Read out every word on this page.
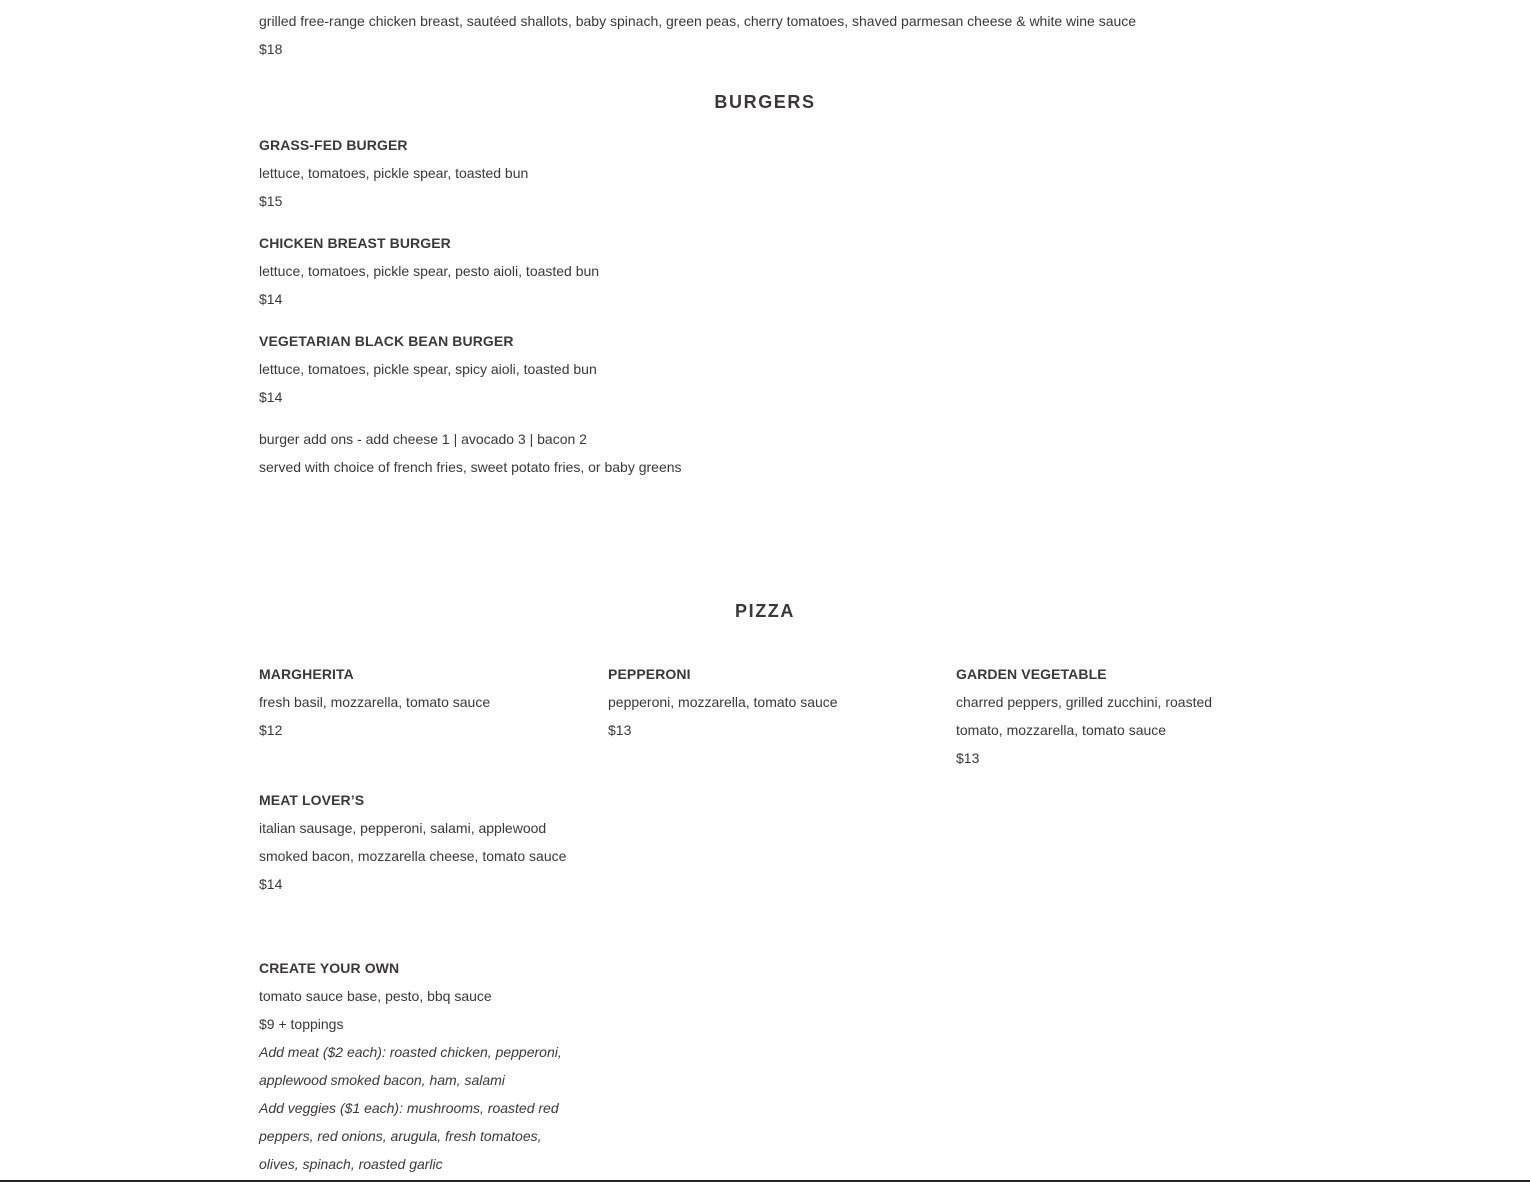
grilled free-range chicken breast, sautéed shallots, baby spinach, green peas, cherry tomatoes, shaved parmesan cheese & white wine sauce

$18

BURGERS

GRASS-FED BURGER

lettuce, tomatoes, pickle spear, toasted bun

$15

CHICKEN BREAST BURGER

lettuce, tomatoes, pickle spear, pesto aioli, toasted bun

$14

VEGETARIAN BLACK BEAN BURGER

lettuce, tomatoes, pickle spear, spicy aioli, toasted bun

$14

burger add ons - add cheese 1 | avocado 3 | bacon 2

served with choice of french fries, sweet potato fries, or baby greens

PIZZA

MARGHERITA

fresh basil, mozzarella, tomato sauce

$12

PEPPERONI

pepperoni, mozzarella, tomato sauce

$13

GARDEN VEGETABLE

charred peppers, grilled zucchini, roasted

tomato, mozzarella, tomato sauce

$13

MEAT LOVER’S

italian sausage, pepperoni, salami, applewood

smoked bacon, mozzarella cheese, tomato sauce

$14

CREATE YOUR OWN

tomato sauce base, pesto, bbq sauce

$9 + toppings

Add meat ($2 each): roasted chicken, pepperoni,

applewood smoked bacon, ham, salami

Add veggies ($1 each): mushrooms, roasted red

peppers, red onions, arugula, fresh tomatoes,

olives, spinach, roasted garlic
